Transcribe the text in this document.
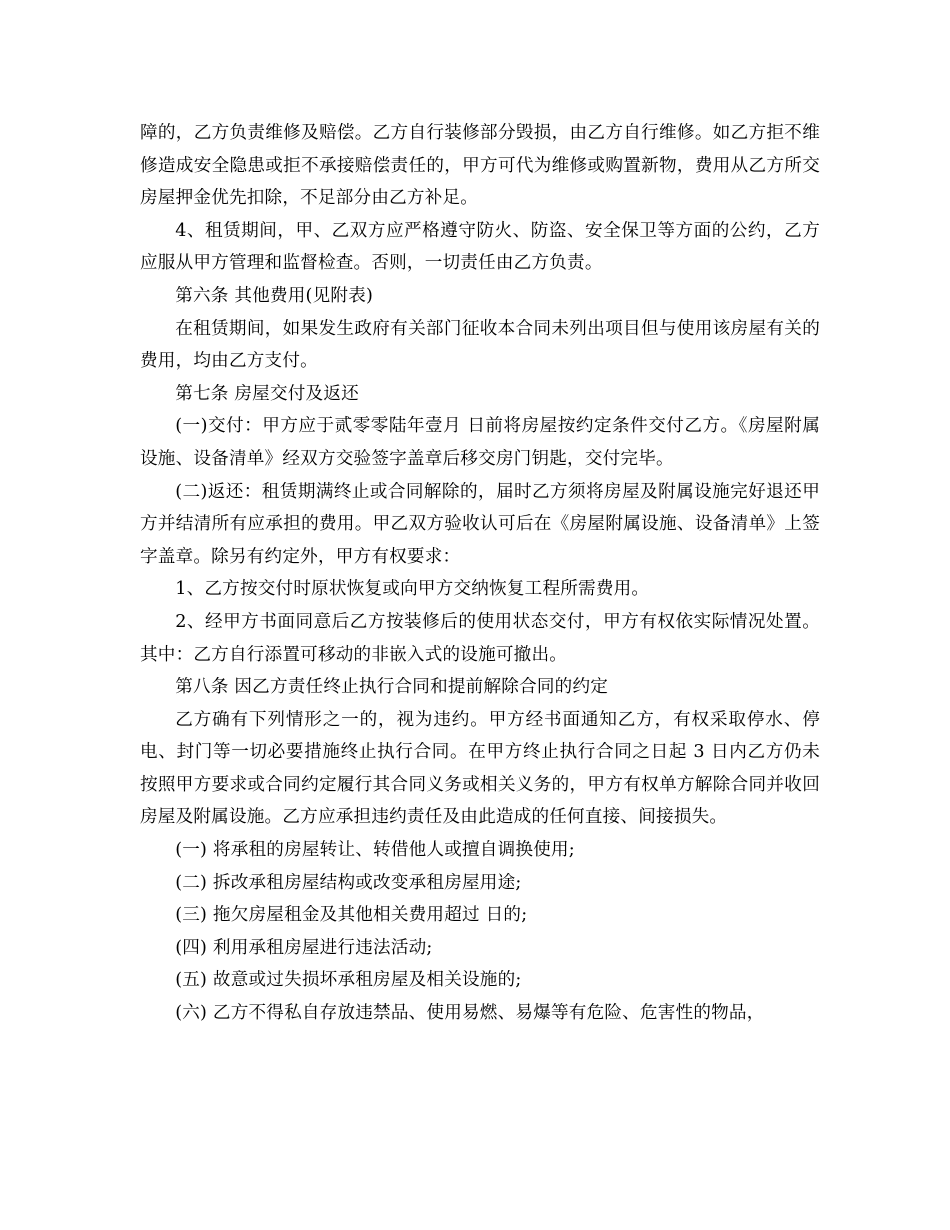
障的，乙方负责维修及赔偿。乙方自行装修部分毁损，由乙方自行维修。如乙方拒不维修造成安全隐患或拒不承接赔偿责任的，甲方可代为维修或购置新物，费用从乙方所交房屋押金优先扣除，不足部分由乙方补足。

4、租赁期间，甲、乙双方应严格遵守防火、防盗、安全保卫等方面的公约，乙方应服从甲方管理和监督检查。否则，一切责任由乙方负责。

第六条 其他费用(见附表)

在租赁期间，如果发生政府有关部门征收本合同未列出项目但与使用该房屋有关的费用，均由乙方支付。

第七条 房屋交付及返还

(一)交付：甲方应于贰零零陆年壹月 日前将房屋按约定条件交付乙方。《房屋附属设施、设备清单》经双方交验签字盖章后移交房门钥匙，交付完毕。

(二)返还：租赁期满终止或合同解除的，届时乙方须将房屋及附属设施完好退还甲方并结清所有应承担的费用。甲乙双方验收认可后在《房屋附属设施、设备清单》上签字盖章。除另有约定外，甲方有权要求：

1、乙方按交付时原状恢复或向甲方交纳恢复工程所需费用。

2、经甲方书面同意后乙方按装修后的使用状态交付，甲方有权依实际情况处置。其中：乙方自行添置可移动的非嵌入式的设施可撤出。

第八条 因乙方责任终止执行合同和提前解除合同的约定

乙方确有下列情形之一的，视为违约。甲方经书面通知乙方，有权采取停水、停电、封门等一切必要措施终止执行合同。在甲方终止执行合同之日起 3 日内乙方仍未按照甲方要求或合同约定履行其合同义务或相关义务的，甲方有权单方解除合同并收回房屋及附属设施。乙方应承担违约责任及由此造成的任何直接、间接损失。

(一) 将承租的房屋转让、转借他人或擅自调换使用;

(二) 拆改承租房屋结构或改变承租房屋用途;

(三) 拖欠房屋租金及其他相关费用超过 日的;

(四) 利用承租房屋进行违法活动;

(五) 故意或过失损坏承租房屋及相关设施的;

(六) 乙方不得私自存放违禁品、使用易燃、易爆等有危险、危害性的物品，
